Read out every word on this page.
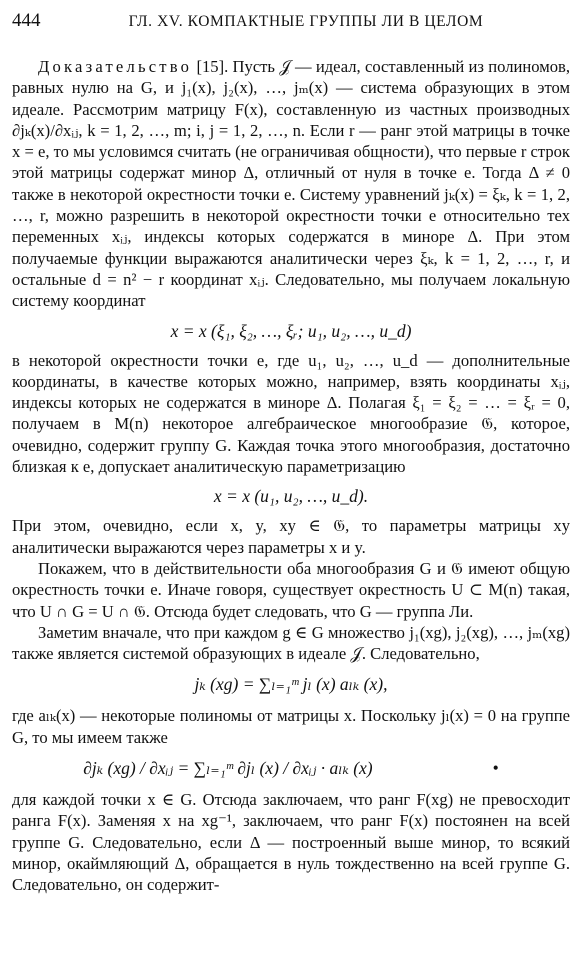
444	ГЛ. XV. КОМПАКТНЫЕ ГРУППЫ ЛИ В ЦЕЛОМ

Доказательство [15]. Пусть 𝒥 — идеал, составленный из полиномов, равных нулю на G, и j₁(x), j₂(x), …, jₘ(x) — система образующих в этом идеале. Рассмотрим матрицу F(x), составленную из частных производных ∂jₖ(x)/∂xᵢⱼ, k = 1, 2, …, m; i, j = 1, 2, …, n. Если r — ранг этой матрицы в точке x = e, то мы условимся считать (не ограничивая общности), что первые r строк этой матрицы содержат минор Δ, отличный от нуля в точке e. Тогда Δ ≠ 0 также в некоторой окрестности точки e. Систему уравнений jₖ(x) = ξₖ, k = 1, 2, …, r, можно разрешить в некоторой окрестности точки e относительно тех переменных xᵢⱼ, индексы которых содержатся в миноре Δ. При этом получаемые функции выражаются аналитически через ξₖ, k = 1, 2, …, r, и остальные d = n² − r координат xᵢⱼ. Следовательно, мы получаем локальную систему координат

x = x (ξ₁, ξ₂, …, ξᵣ; u₁, u₂, …, u_d)

в некоторой окрестности точки e, где u₁, u₂, …, u_d — дополнительные координаты, в качестве которых можно, например, взять координаты xᵢⱼ, индексы которых не содержатся в миноре Δ. Полагая ξ₁ = ξ₂ = … = ξᵣ = 0, получаем в M(n) некоторое алгебраическое многообразие 𝔊, которое, очевидно, содержит группу G. Каждая точка этого многообразия, достаточно близкая к e, допускает аналитическую параметризацию

x = x (u₁, u₂, …, u_d).

При этом, очевидно, если x, y, xy ∈ 𝔊, то параметры матрицы xy аналитически выражаются через параметры x и y.

Покажем, что в действительности оба многообразия G и 𝔊 имеют общую окрестность точки e. Иначе говоря, существует окрестность U ⊂ M(n) такая, что U ∩ G = U ∩ 𝔊. Отсюда будет следовать, что G — группа Ли.

Заметим вначале, что при каждом g ∈ G множество j₁(xg), j₂(xg), …, jₘ(xg) также является системой образующих в идеале 𝒥. Следовательно,

jₖ (xg) = ∑ₗ₌₁ᵐ jₗ (x) aₗₖ (x),

где aₗₖ(x) — некоторые полиномы от матрицы x. Поскольку jₗ(x) = 0 на группе G, то мы имеем также

∂jₖ (xg) / ∂xᵢⱼ = ∑ₗ₌₁ᵐ ∂jₗ (x) / ∂xᵢⱼ · aₗₖ (x)	•

для каждой точки x ∈ G. Отсюда заключаем, что ранг F(xg) не превосходит ранга F(x). Заменяя x на xg⁻¹, заключаем, что ранг F(x) постоянен на всей группе G. Следовательно, если Δ — построенный выше минор, то всякий минор, окаймляющий Δ, обращается в нуль тождественно на всей группе G. Следовательно, он содержит-
